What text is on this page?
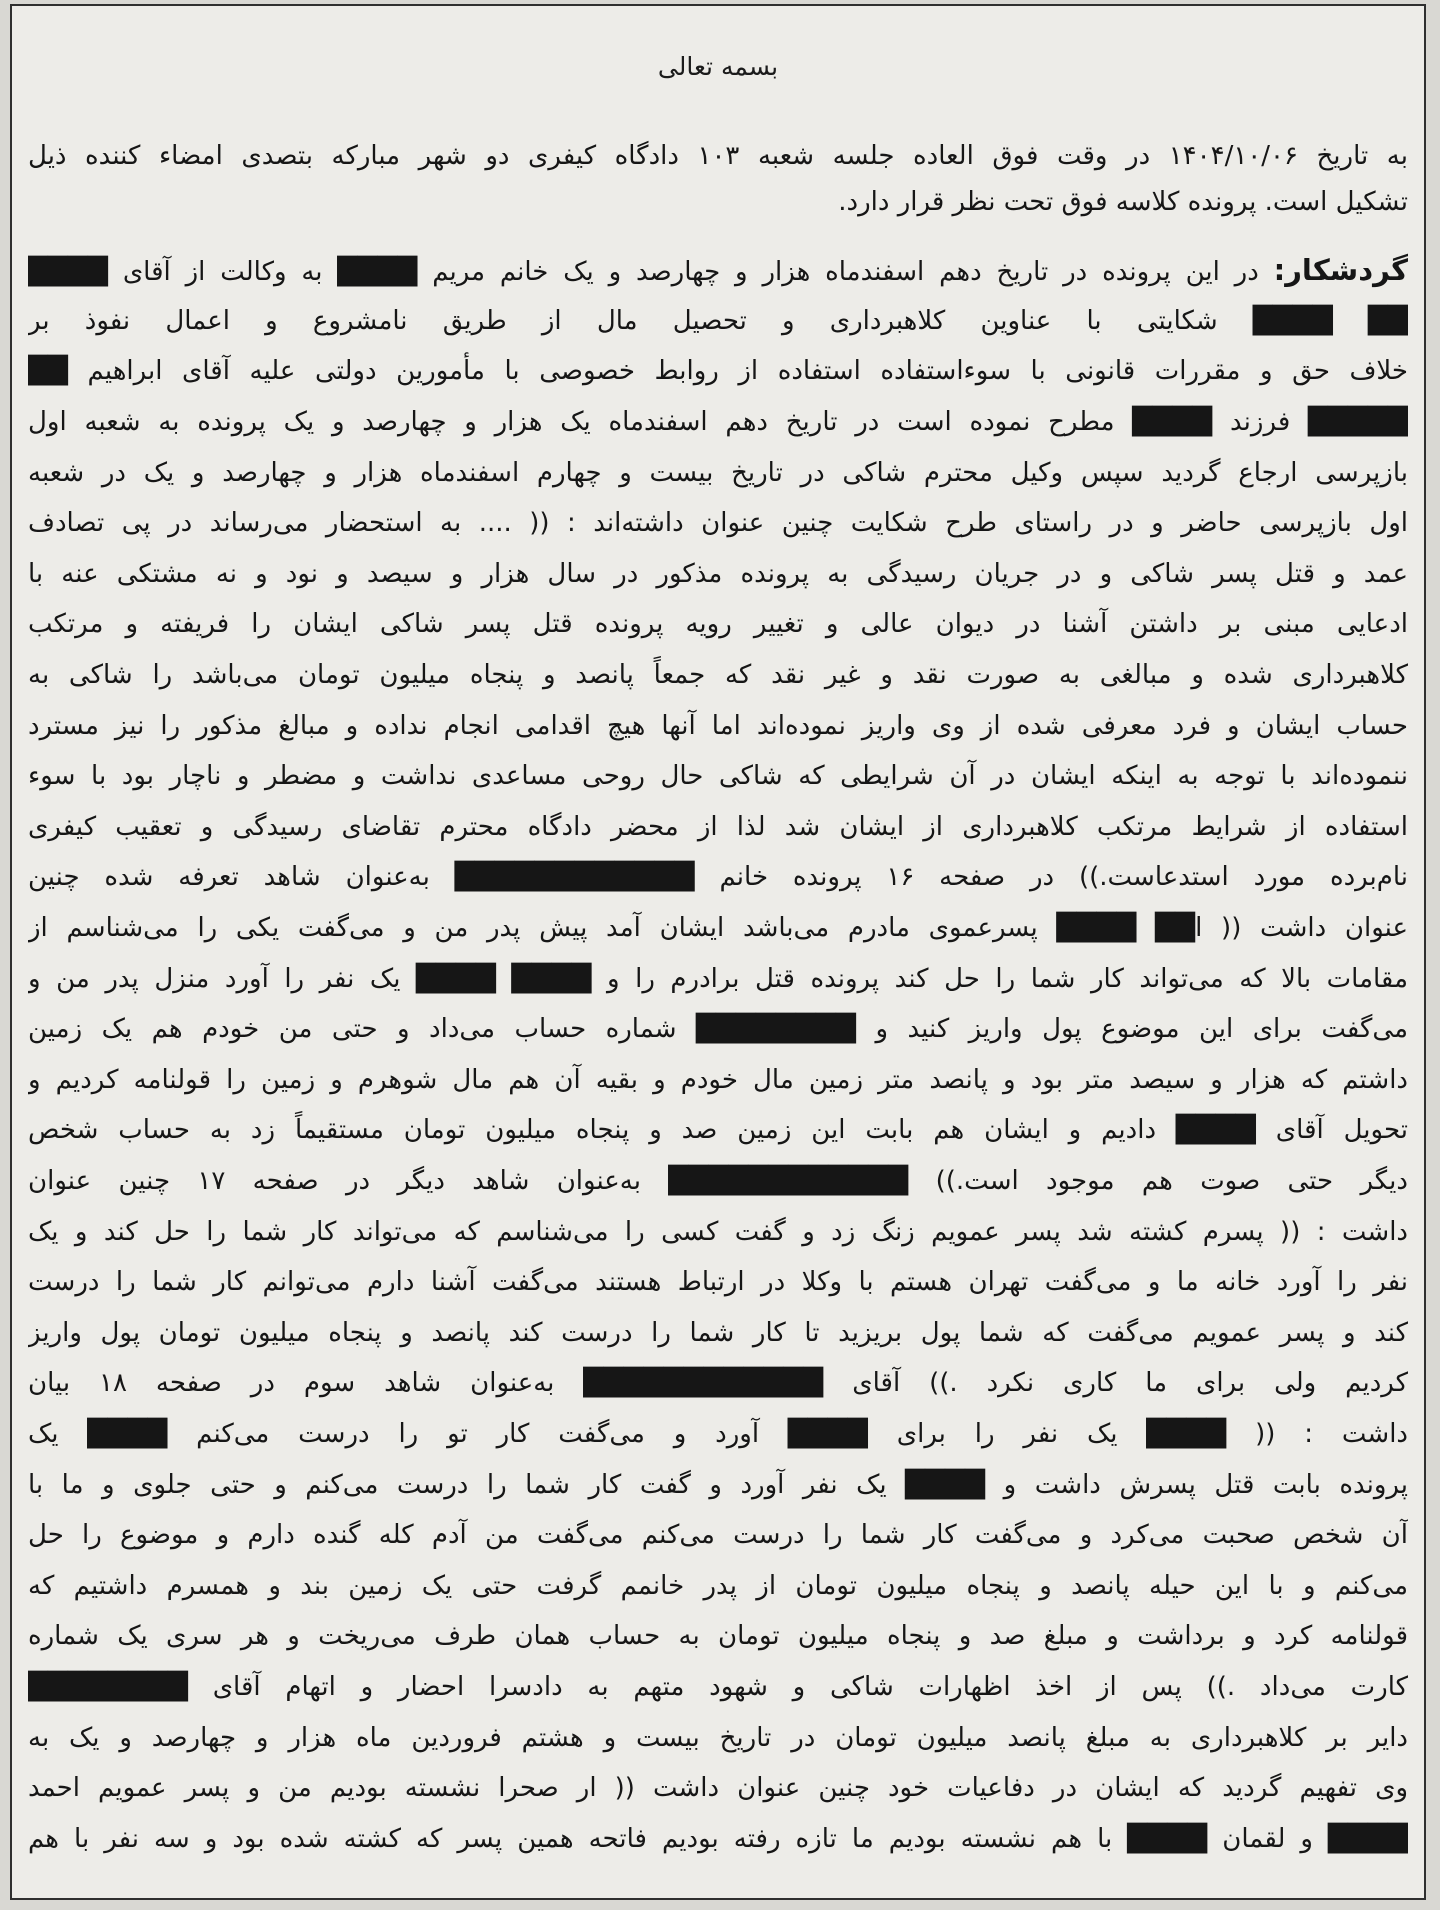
بسمه تعالی
به تاریخ ۱۴۰۴/۱۰/۰۶ در وقت فوق العاده جلسه شعبه ۱۰۳ دادگاه کیفری دو شهر مبارکه بتصدی امضاء کننده ذیل
تشکیل است. پرونده کلاسه فوق تحت نظر قرار دارد.
گردشکار: در این پرونده در تاریخ دهم اسفندماه هزار و چهارصد و یک خانم مریم ████ به وکالت از آقای ████
██ ████ شکایتی با عناوین کلاهبرداری و تحصیل مال از طریق نامشروع و اعمال نفوذ بر
خلاف حق و مقررات قانونی با سوءاستفاده استفاده از روابط خصوصی با مأمورین دولتی علیه آقای ابراهیم ██
█████ فرزند ████ مطرح نموده است در تاریخ دهم اسفندماه یک هزار و چهارصد و یک پرونده به شعبه اول
بازپرسی ارجاع گردید سپس وکیل محترم شاکی در تاریخ بیست و چهارم اسفندماه هزار و چهارصد و یک در شعبه
اول بازپرسی حاضر و در راستای طرح شکایت چنین عنوان داشته‌اند : (( .... به استحضار می‌رساند در پی تصادف
عمد و قتل پسر شاکی و در جریان رسیدگی به پرونده مذکور در سال هزار و سیصد و نود و نه مشتکی عنه با
ادعایی مبنی بر داشتن آشنا در دیوان عالی و تغییر رویه پرونده قتل پسر شاکی ایشان را فریفته و مرتکب
کلاهبرداری شده و مبالغی به صورت نقد و غیر نقد که جمعاً پانصد و پنجاه میلیون تومان می‌باشد را شاکی به
حساب ایشان و فرد معرفی شده از وی واریز نموده‌اند اما آنها هیچ اقدامی انجام نداده و مبالغ مذکور را نیز مسترد
ننموده‌اند با توجه به اینکه ایشان در آن شرایطی که شاکی حال روحی مساعدی نداشت و مضطر و ناچار بود با سوء
استفاده از شرایط مرتکب کلاهبرداری از ایشان شد لذا از محضر دادگاه محترم تقاضای رسیدگی و تعقیب کیفری
نام‌برده مورد استدعاست.)) در صفحه ۱۶ پرونده خانم ████████████ به‌عنوان شاهد تعرفه شده چنین
عنوان داشت (( ا██ ████ پسرعموی مادرم می‌باشد ایشان آمد پیش پدر من و می‌گفت یکی را می‌شناسم از
مقامات بالا که می‌تواند کار شما را حل کند پرونده قتل برادرم را و ████ ████ یک نفر را آورد منزل پدر من و
می‌گفت برای این موضوع پول واریز کنید و ████████ شماره حساب می‌داد و حتی من خودم هم یک زمین
داشتم که هزار و سیصد متر بود و پانصد متر زمین مال خودم و بقیه آن هم مال شوهرم و زمین را قولنامه کردیم و
تحویل آقای ████ دادیم و ایشان هم بابت این زمین صد و پنجاه میلیون تومان مستقیماً زد به حساب شخص
دیگر حتی صوت هم موجود است.)) ████████████ به‌عنوان شاهد دیگر در صفحه ۱۷ چنین عنوان
داشت : (( پسرم کشته شد پسر عمویم زنگ زد و گفت کسی را می‌شناسم که می‌تواند کار شما را حل کند و یک
نفر را آورد خانه ما و می‌گفت تهران هستم با وکلا در ارتباط هستند می‌گفت آشنا دارم می‌توانم کار شما را درست
کند و پسر عمویم می‌گفت که شما پول بریزید تا کار شما را درست کند پانصد و پنجاه میلیون تومان پول واریز
کردیم ولی برای ما کاری نکرد .)) آقای ████████████ به‌عنوان شاهد سوم در صفحه ۱۸ بیان
داشت : (( ████ یک نفر را برای ████ آورد و می‌گفت کار تو را درست می‌کنم ████ یک
پرونده بابت قتل پسرش داشت و ████ یک نفر آورد و گفت کار شما را درست می‌کنم و حتی جلوی و ما با
آن شخص صحبت می‌کرد و می‌گفت کار شما را درست می‌کنم می‌گفت من آدم کله گنده دارم و موضوع را حل
می‌کنم و با این حیله پانصد و پنجاه میلیون تومان از پدر خانمم گرفت حتی یک زمین بند و همسرم داشتیم که
قولنامه کرد و برداشت و مبلغ صد و پنجاه میلیون تومان به حساب همان طرف می‌ریخت و هر سری یک شماره
کارت می‌داد .)) پس از اخذ اظهارات شاکی و شهود متهم به دادسرا احضار و اتهام آقای ████████
دایر بر کلاهبرداری به مبلغ پانصد میلیون تومان در تاریخ بیست و هشتم فروردین ماه هزار و چهارصد و یک به
وی تفهیم گردید که ایشان در دفاعیات خود چنین عنوان داشت (( ار صحرا نشسته بودیم من و پسر عمویم احمد
████ و لقمان ████ با هم نشسته بودیم ما تازه رفته بودیم فاتحه همین پسر که کشته شده بود و سه نفر با هم
